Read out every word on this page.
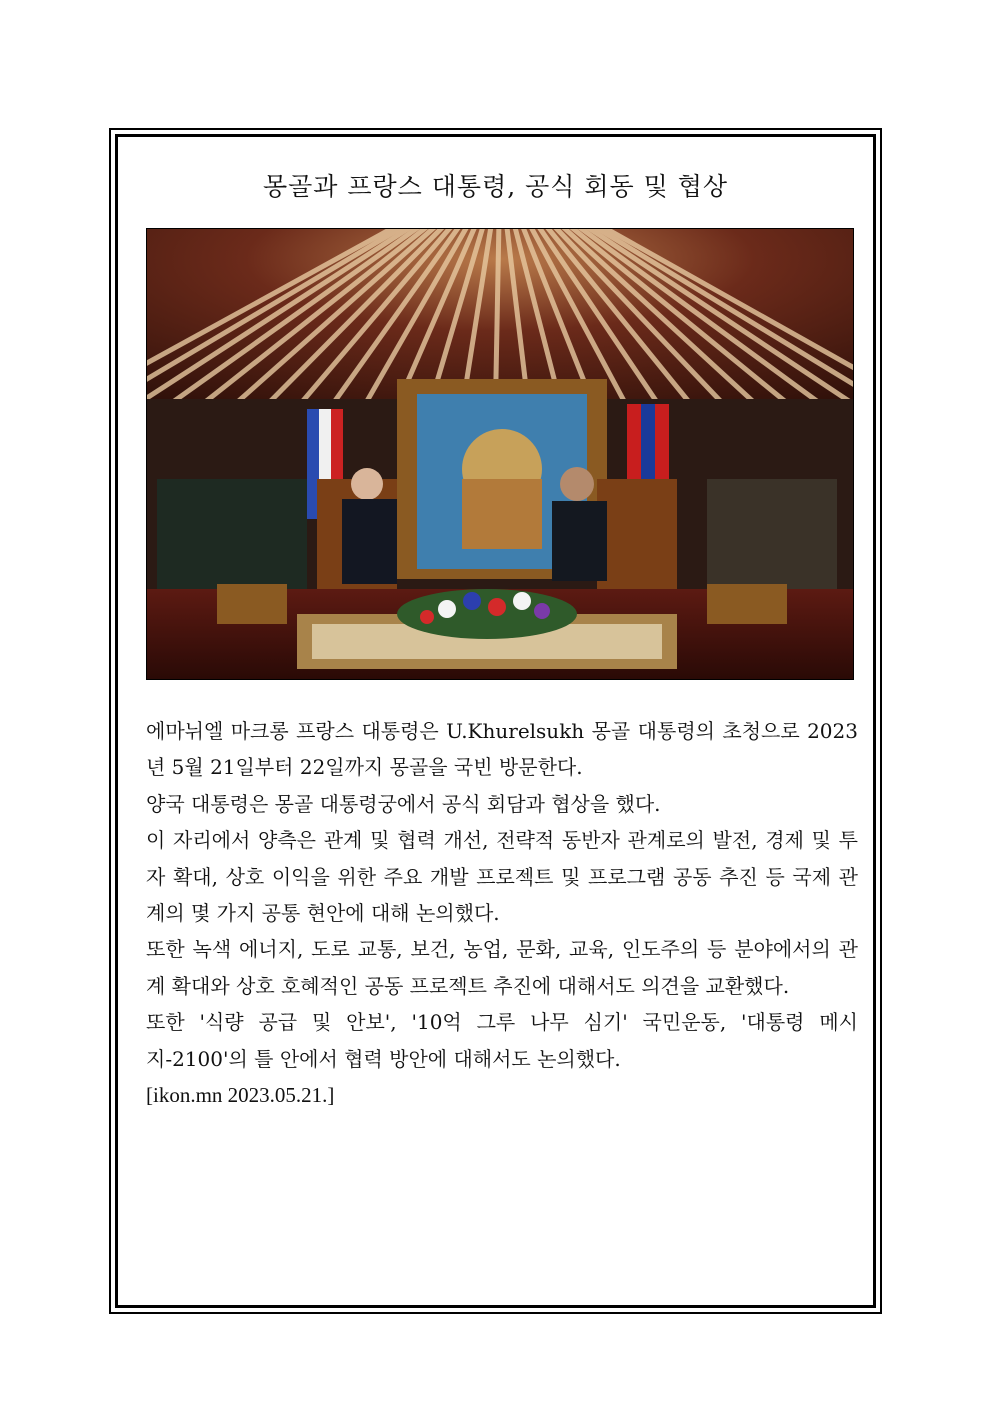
몽골과 프랑스 대통령, 공식 회동 및 협상

에마뉘엘 마크롱 프랑스 대통령은 U.Khurelsukh 몽골 대통령의 초청으로 2023년 5월 21일부터 22일까지 몽골을 국빈 방문한다.

양국 대통령은 몽골 대통령궁에서 공식 회담과 협상을 했다.

이 자리에서 양측은 관계 및 협력 개선, 전략적 동반자 관계로의 발전, 경제 및 투자 확대, 상호 이익을 위한 주요 개발 프로젝트 및 프로그램 공동 추진 등 국제 관계의 몇 가지 공통 현안에 대해 논의했다.

또한 녹색 에너지, 도로 교통, 보건, 농업, 문화, 교육, 인도주의 등 분야에서의 관계 확대와 상호 호혜적인 공동 프로젝트 추진에 대해서도 의견을 교환했다.

또한 '식량 공급 및 안보', '10억 그루 나무 심기' 국민운동, '대통령 메시지-2100'의 틀 안에서 협력 방안에 대해서도 논의했다.

[ikon.mn 2023.05.21.]
